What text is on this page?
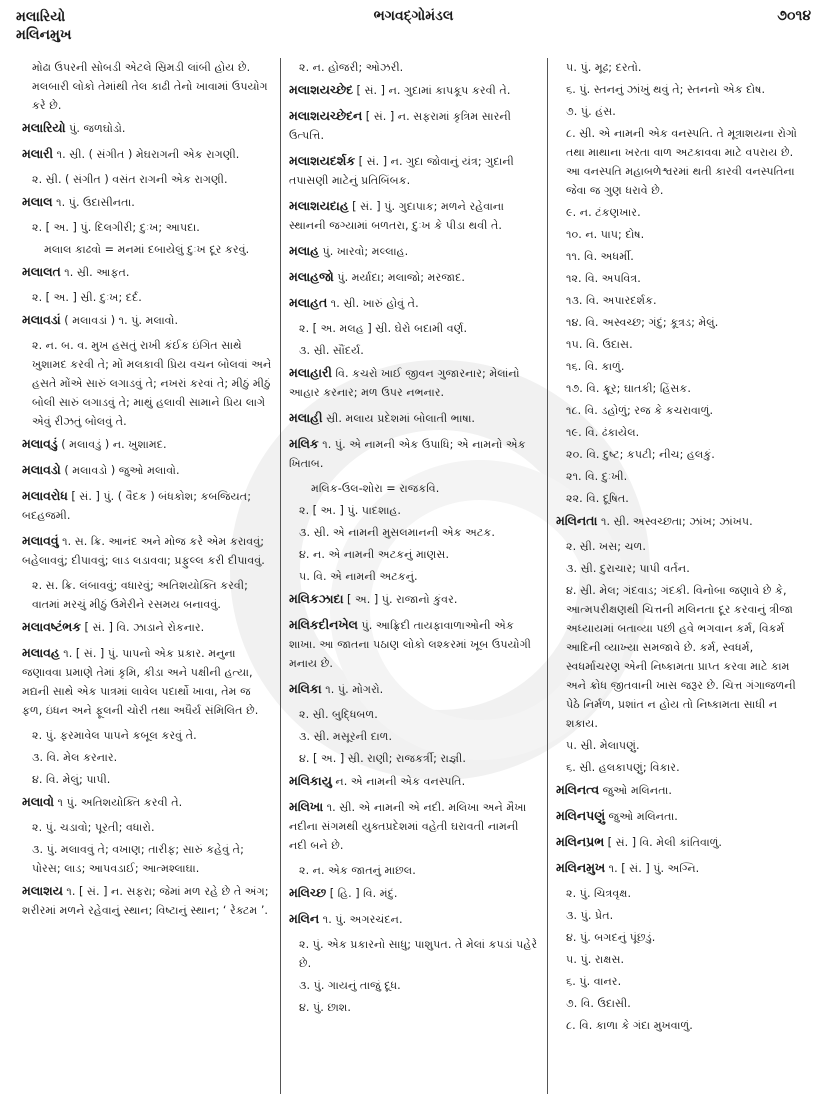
મલારિયો
મલિનમુખ
ભગવદ્ગોમંડલ	૭૦૧૪

મોઢા ઉપરની સોબડી એટલે સ્રિમડી લાંબી હોય છે. મલબારી લોકો તેમાંથી તેલ કાઢી તેનો ખાવામાં ઉપયોગ કરે છે.

મલારિયો પું. જળઘોડો.

મલારી ૧. સ્રી. ( સંગીત ) મેઘરાગની એક રાગણી.

૨. સ્રી. ( સંગીત ) વસંત રાગની એક રાગણી.

મલાલ ૧. પું. ઉદાસીનતા.

૨. [ અ. ] પું. દિલગીરી; દુઃખ; આપદા.

મલાલ કાઢવો = મનમાં દબાયેલું દુઃખ દૂર કરવું.

મલાલત ૧. સ્રી. આફત.

૨. [ અ. ] સ્રી. દુઃખ; દર્દ.

મલાવડાં ( મલાવડાં ) ૧. પું. મલાવો.

૨. ન. બ. વ. મુખ હસતું રાખી કંઈક ઇંગિત સાથે ખુશામદ કરવી તે; મોં મલકાવી પ્રિય વચન બોલવાં અને હસતે મોંએ સારું લગાડવું તે; નખરાં કરવાં તે; મીઠું મીઠું બોલી સારું લગાડવું તે; માથું હલાવી સામાને પ્રિય લાગે એવું રીઝતું બોલવું તે.

મલાવડું ( મલાવડું ) ન. ખુશામદ.

મલાવડો ( મલાવડો ) જુઓ મલાવો.

મલાવરોધ [ સં. ] પું. ( વૈદક ) બંધકોશ; કબજિયત; બદહજમી.

મલાવવું ૧. સ. ક્રિ. આનંદ અને મોજ કરે એમ કરાવવું; બહેલાવવું; દીપાવવું; લાડ લડાવવા; પ્રફુલ્લ કરી દીપાવવું.

૨. સ. ક્રિ. લંબાવવું; વધારવું; અતિશયોક્તિ કરવી; વાતમાં મરચું મીઠું ઉમેરીને રસમય બનાવવું.

મલાવષ્ટંભક [ સં. ] વિ. ઝાડાને રોકનાર.

મલાવહ ૧. [ સં. ] પું. પાપનો એક પ્રકાર. મનુના જણાવવા પ્રમાણે તેમાં કૃમિ, કીડા અને પક્ષીની હત્યા, મદ્યની સાથે એક પાત્રમાં લાવેલ પદાર્થો ખાવા, તેમ જ ફળ, ઇંધન અને ફૂલની ચોરી તથા અધૈર્ય સંમિલિત છે.

૨. પું. ફરમાવેલ પાપને કબૂલ કરવું તે.

૩. વિ. મેલ કરનાર.

૪. વિ. મેલું; પાપી.

મલાવો ૧ પું. અતિશયોક્તિ કરવી તે.

૨. પું. ચડાવો; પૂરતી; વધારો.

૩. પું. મલાવવું તે; વખાણ; તારીફ; સારું કહેવું તે; પોરસ; લાડ; આપવડાઈ; આત્મશ્લાઘા.

મલાશય ૧. [ સં. ] ન. સફરા; જેમાં મળ રહે છે તે અંગ; શરીરમાં મળને રહેવાનું સ્થાન; વિષ્ટાનું સ્થાન; ‘ રેક્ટમ ’.

૨. ન. હોજરી; ઓઝરી.

મલાશયચ્છેદ [ સં. ] ન. ગુદામાં કાપકૂપ કરવી તે.

મલાશયચ્છેદન [ સં. ] ન. સફરામાં કૃત્રિમ સારની ઉત્પત્તિ.

મલાશયદર્શક [ સં. ] ન. ગુદા જોવાનું યંત્ર; ગુદાની તપાસણી માટેનું પ્રતિબિંબક.

મલાશયદાહ [ સં. ] પું. ગુદાપાક; મળને રહેવાના સ્થાનની જગ્યામાં બળતરા, દુઃખ કે પીડા થવી તે.

મલાહ પું. ખારવો; મલ્લાહ.

મલાહજો પું. મર્યાદા; મલાજો; મરજાદ.

મલાહત ૧. સ્રી. ખારું હોવું તે.

૨. [ અ. મલહ ] સ્રી. ઘેરો બદામી વર્ણ.

૩. સ્રી. સૌંદર્ય.

મલાહારી વિ. કચરો ખાઈ જીવન ગુજારનાર; મેલાંનો આહાર કરનાર; મળ ઉપર નભનાર.

મલાહી સ્રી. મલાય પ્રદેશમાં બોલાતી ભાષા.

મલિક ૧. પું. એ નામની એક ઉપાધિ; એ નામનો એક ખિતાબ.

મલિક-ઉલ-શોરા = રાજકવિ.

૨. [ અ. ] પું. પાદશાહ.

૩. સ્રી. એ નામની મુસલમાનની એક અટક.

૪. ન. એ નામની અટકનું માણસ.

૫. વિ. એ નામની અટકનું.

મલિકઝાદા [ અ. ] પું. રાજાનો કુંવર.

મલિકદીનખેલ પું. આફ્રિદી તાયફાવાળાઓની એક શાખા. આ જાતના પઠાણ લોકો લશ્કરમાં ખૂબ ઉપયોગી મનાય છે.

મલિકા ૧. પું. મોગરો.

૨. સ્રી. બુદ્ધિબળ.

૩. સ્રી. મસૂરની દાળ.

૪. [ અ. ] સ્રી. રાણી; રાજકર્ત્રી; રાજ્ઞી.

મલિકાયુ ન. એ નામની એક વનસ્પતિ.

મલિખા ૧. સ્રી. એ નામની એ નદી. મલિખા અને મૈખા નદીના સંગમથી યુક્તપ્રદેશમાં વહેતી ઘરાવતી નામની નદી બને છે.

૨. ન. એક જાતનું માછલ.

મલિચ્છ [ હિ. ] વિ. મંદું.

મલિન ૧. પું. અગરચંદન.

૨. પું. એક પ્રકારનો સાધુ; પાશુપત. તે મેલાં કપડાં પહેરે છે.

૩. પું. ગાયનું તાજું દૂધ.

૪. પું. છાશ.

૫. પું. મૂઢ; દરતો.

૬. પું. સ્તનનું ઝાંખું થવું તે; સ્તનનો એક દોષ.

૭. પું. હંસ.

૮. સ્રી. એ નામની એક વનસ્પતિ. તે મૂત્રાશયના રોગો તથા માથાના ખરતા વાળ અટકાવવા માટે વપરાય છે. આ વનસ્પતિ મહાબળેશ્વરમાં થતી કારવી વનસ્પતિના જેવા જ ગુણ ધરાવે છે.

૯. ન. ટંકણખાર.

૧૦. ન. પાપ; દોષ.

૧૧. વિ. અધર્મી.

૧૨. વિ. અપવિત્ર.

૧૩. વિ. અપારદર્શક.

૧૪. વિ. અસ્વચ્છ; ગંદું; કૂત્રડ; મેલું.

૧૫. વિ. ઉદાસ.

૧૬. વિ. કાળું.

૧૭. વિ. ક્રૂર; ઘાતકી; હિંસક.

૧૮. વિ. ડહોળું; રજ કે કચરાવાળું.

૧૯. વિ. ઢંકાયેલ.

૨૦. વિ. દુષ્ટ; કપટી; નીચ; હલકું.

૨૧. વિ. દુઃખી.

૨૨. વિ. દૂષિત.

મલિનતા ૧. સ્રી. અસ્વચ્છતા; ઝાંખ; ઝાંખપ.

૨. સ્રી. ખસ; ચળ.

૩. સ્રી. દુરાચાર; પાપી વર્તન.

૪. સ્રી. મેલ; ગંદવાડ; ગંદકી. વિનોબા જણાવે છે કે, આત્મપરીક્ષણથી ચિત્તની મલિનતા દૂર કરવાનું ત્રીજા અધ્યાયમાં બતાવ્યા પછી હવે ભગવાન કર્મ, વિકર્મ આદિની વ્યાખ્યા સમજાવે છે. કર્મ, સ્વધર્મ, સ્વધર્માચરણ એની નિષ્કામતા પ્રાપ્ત કરવા માટે કામ અને ક્રોધ જીતવાની ખાસ જરૂર છે. ચિત્ત ગંગાજળની પેઠે નિર્મળ, પ્રશાંત ન હોય તો નિષ્કામતા સાધી ન શકાય.

૫. સ્રી. મેલાપણું.

૬. સ્રી. હલકાપણું; વિકાર.

મલિનત્વ જુઓ મલિનતા.

મલિનપણું જુઓ મલિનતા.

મલિનપ્રભ [ સં. ] વિ. મેલી કાંતિવાળું.

મલિનમુખ ૧. [ સં. ] પું. અગ્નિ.

૨. પું. ચિત્રવૃક્ષ.

૩. પું. પ્રેત.

૪. પું. બગદનું પૂંછડું.

૫. પું. રાક્ષસ.

૬. પું. વાનર.

૭. વિ. ઉદાસી.

૮. વિ. કાળા કે ગંદા મુખવાળું.
